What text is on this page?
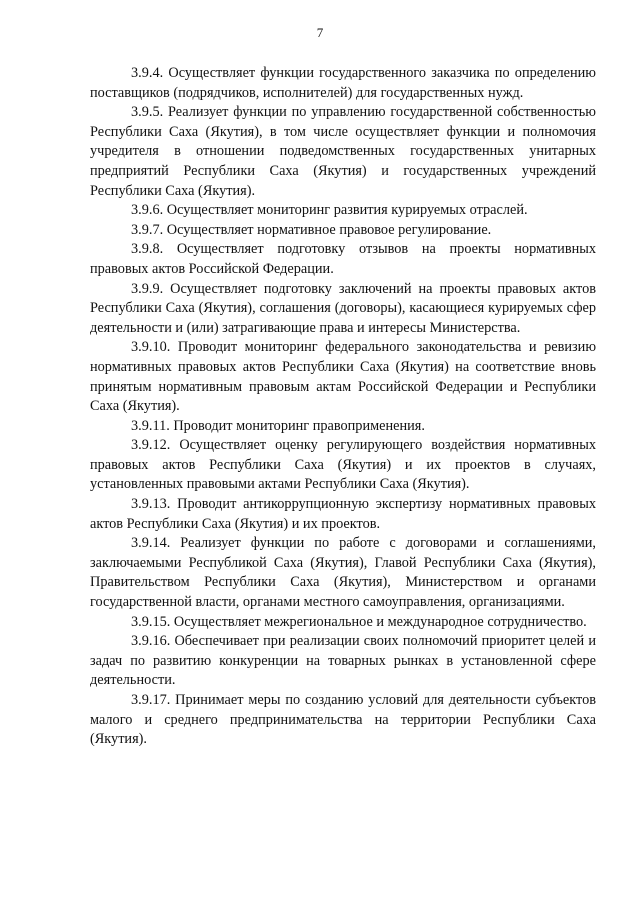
7

3.9.4. Осуществляет функции государственного заказчика по определению поставщиков (подрядчиков, исполнителей) для государственных нужд.

3.9.5. Реализует функции по управлению государственной собственностью Республики Саха (Якутия), в том числе осуществляет функции и полномочия учредителя в отношении подведомственных государственных унитарных предприятий Республики Саха (Якутия) и государственных учреждений Республики Саха (Якутия).

3.9.6. Осуществляет мониторинг развития курируемых отраслей.

3.9.7. Осуществляет нормативное правовое регулирование.

3.9.8. Осуществляет подготовку отзывов на проекты нормативных правовых актов Российской Федерации.

3.9.9. Осуществляет подготовку заключений на проекты правовых актов Республики Саха (Якутия), соглашения (договоры), касающиеся курируемых сфер деятельности и (или) затрагивающие права и интересы Министерства.

3.9.10. Проводит мониторинг федерального законодательства и ревизию нормативных правовых актов Республики Саха (Якутия) на соответствие вновь принятым нормативным правовым актам Российской Федерации и Республики Саха (Якутия).

3.9.11. Проводит мониторинг правоприменения.

3.9.12. Осуществляет оценку регулирующего воздействия нормативных правовых актов Республики Саха (Якутия) и их проектов в случаях, установленных правовыми актами Республики Саха (Якутия).

3.9.13. Проводит антикоррупционную экспертизу нормативных правовых актов Республики Саха (Якутия) и их проектов.

3.9.14. Реализует функции по работе с договорами и соглашениями, заключаемыми Республикой Саха (Якутия), Главой Республики Саха (Якутия), Правительством Республики Саха (Якутия), Министерством и органами государственной власти, органами местного самоуправления, организациями.

3.9.15. Осуществляет межрегиональное и международное сотрудничество.

3.9.16. Обеспечивает при реализации своих полномочий приоритет целей и задач по развитию конкуренции на товарных рынках в установленной сфере деятельности.

3.9.17. Принимает меры по созданию условий для деятельности субъектов малого и среднего предпринимательства на территории Республики Саха (Якутия).
